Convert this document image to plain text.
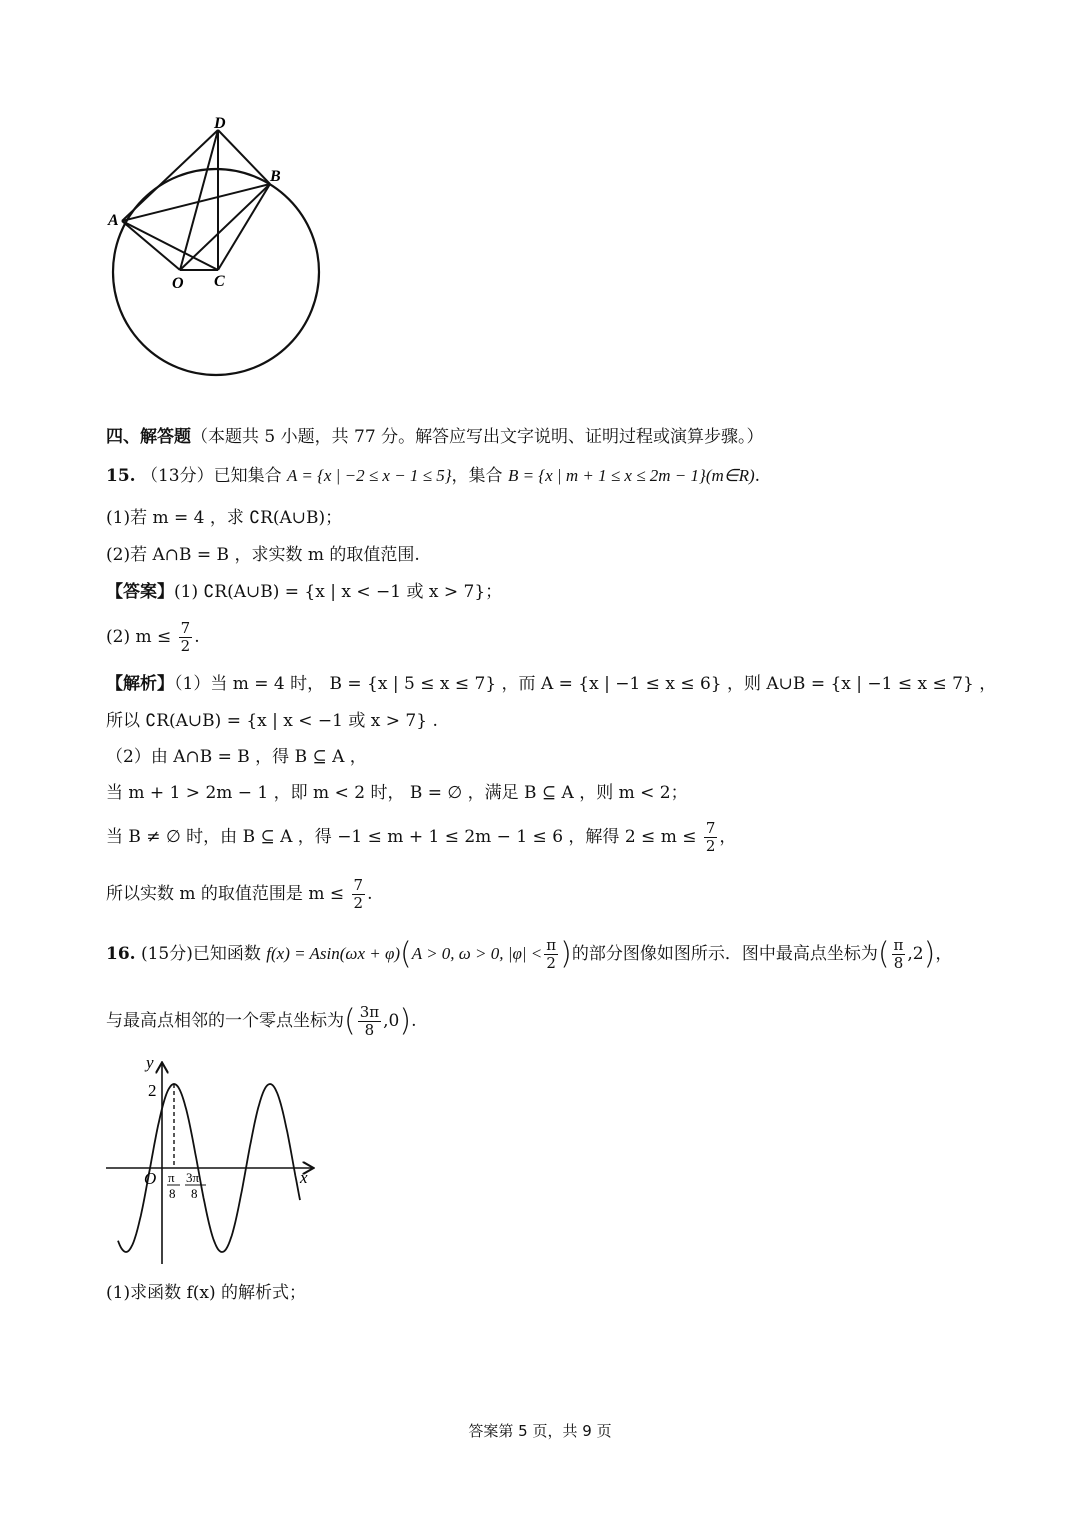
D
B
A
O C
四、解答题（本题共 5 小题，共 77 分。解答应写出文字说明、证明过程或演算步骤。）
15. （13分）已知集合 A = {x | −2 ≤ x − 1 ≤ 5}，集合 B = {x | m + 1 ≤ x ≤ 2m − 1}(m∈R).
(1)若 m = 4 ，求 ∁R(A∪B)；
(2)若 A∩B = B ，求实数 m 的取值范围.
【答案】(1) ∁R(A∪B) = {x | x < −1 或 x > 7}；
(2) $m \le \frac{7}{2}$ .
【解析】（1）当 m = 4 时， B = {x | 5 ≤ x ≤ 7} ，而 A = {x | −1 ≤ x ≤ 6} ，则 A∪B = {x | −1 ≤ x ≤ 7} ，
所以 ∁R(A∪B) = {x | x < −1 或 x > 7} .
（2）由 A∩B = B ，得 B ⊆ A ，
当 m + 1 > 2m − 1 ，即 m < 2 时， B = ∅ ，满足 B ⊆ A ，则 m < 2；
当 B ≠ ∅ 时，由 B ⊆ A ，得 −1 ≤ m + 1 ≤ 2m − 1 ≤ 6 ，解得 $2 \le m \le \frac{7}{2}$ ，
所以实数 m 的取值范围是 $m \le \frac{7}{2}$ .
16. (15分)已知函数 f(x) = Asin(ωx + φ)(A > 0, ω > 0, $|\varphi| < \frac{\pi}{2}$ )的部分图像如图所示．图中最高点坐标为( $\frac{\pi}{8} ,2$)，
与最高点相邻的一个零点坐标为( $\frac{3\pi}{8} ,0$).
y
x
O
2
π
8
3π
8
(1)求函数 f(x) 的解析式；
答案第 5 页，共 9 页
